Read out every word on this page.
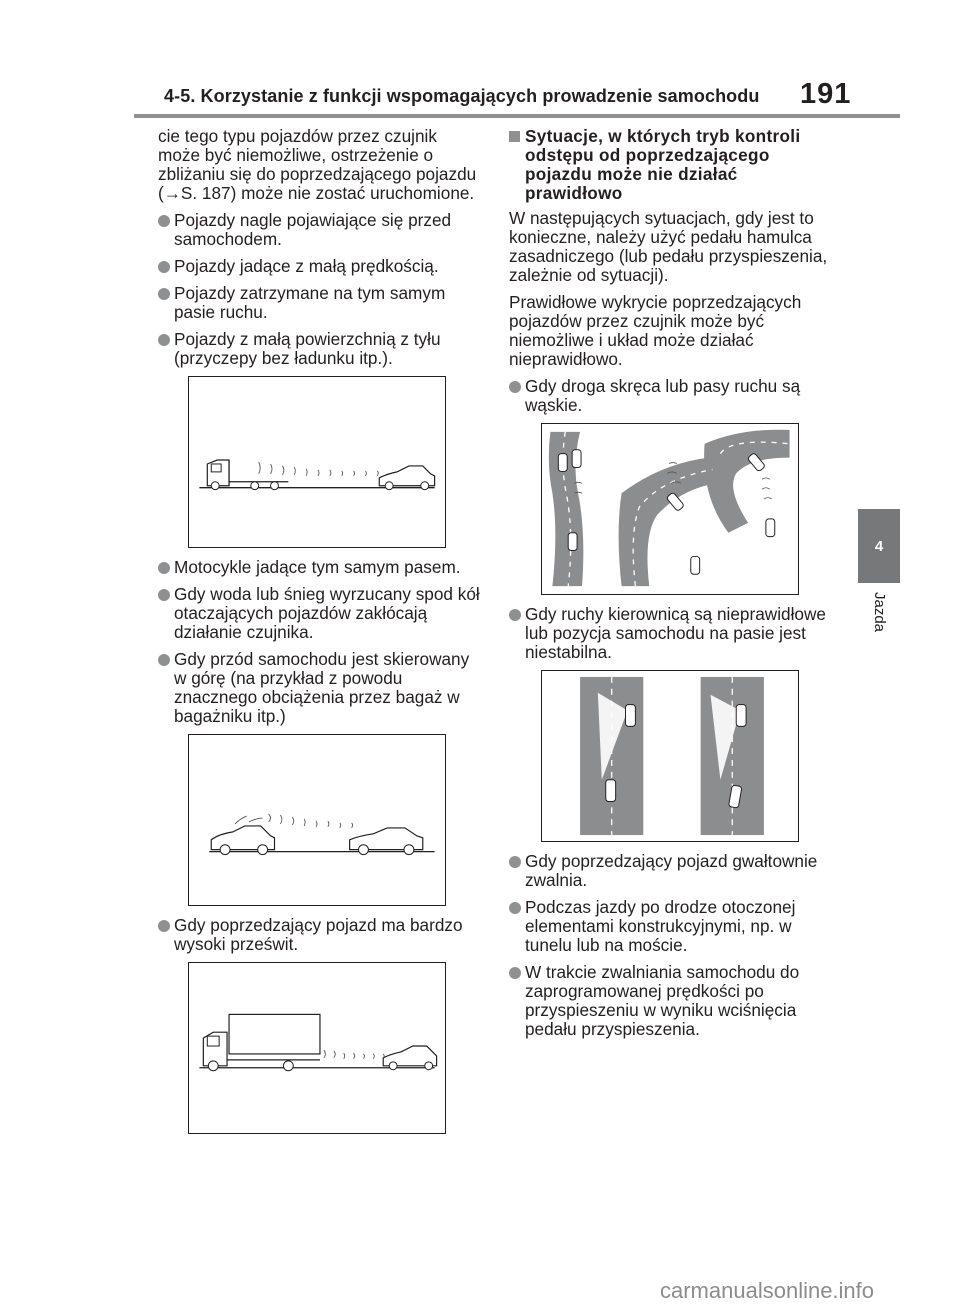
4-5. Korzystanie z funkcji wspomagających prowadzenie samochodu 191
4
Jazda

cie tego typu pojazdów przez czujnik może być niemożliwe, ostrzeżenie o zbliżaniu się do poprzedzającego pojazdu (→S. 187) może nie zostać uruchomione.

Pojazdy nagle pojawiające się przed samochodem.
Pojazdy jadące z małą prędkością.
Pojazdy zatrzymane na tym samym pasie ruchu.
Pojazdy z małą powierzchnią z tyłu (przyczepy bez ładunku itp.).
Motocykle jadące tym samym pasem.
Gdy woda lub śnieg wyrzucany spod kół otaczających pojazdów zakłócają działanie czujnika.
Gdy przód samochodu jest skierowany w górę (na przykład z powodu znacznego obciążenia przez bagaż w bagażniku itp.)
Gdy poprzedzający pojazd ma bardzo wysoki prześwit.
Sytuacje, w których tryb kontroli odstępu od poprzedzającego pojazdu może nie działać prawidłowo

W następujących sytuacjach, gdy jest to konieczne, należy użyć pedału hamulca zasadniczego (lub pedału przyspieszenia, zależnie od sytuacji).

Prawidłowe wykrycie poprzedzających pojazdów przez czujnik może być niemożliwe i układ może działać nieprawidłowo.

Gdy droga skręca lub pasy ruchu są wąskie.
Gdy ruchy kierownicą są nieprawidłowe lub pozycja samochodu na pasie jest niestabilna.
Gdy poprzedzający pojazd gwałtownie zwalnia.
Podczas jazdy po drodze otoczonej elementami konstrukcyjnymi, np. w tunelu lub na moście.
W trakcie zwalniania samochodu do zaprogramowanej prędkości po przyspieszeniu w wyniku wciśnięcia pedału przyspieszenia.
carmanualsonline.info
